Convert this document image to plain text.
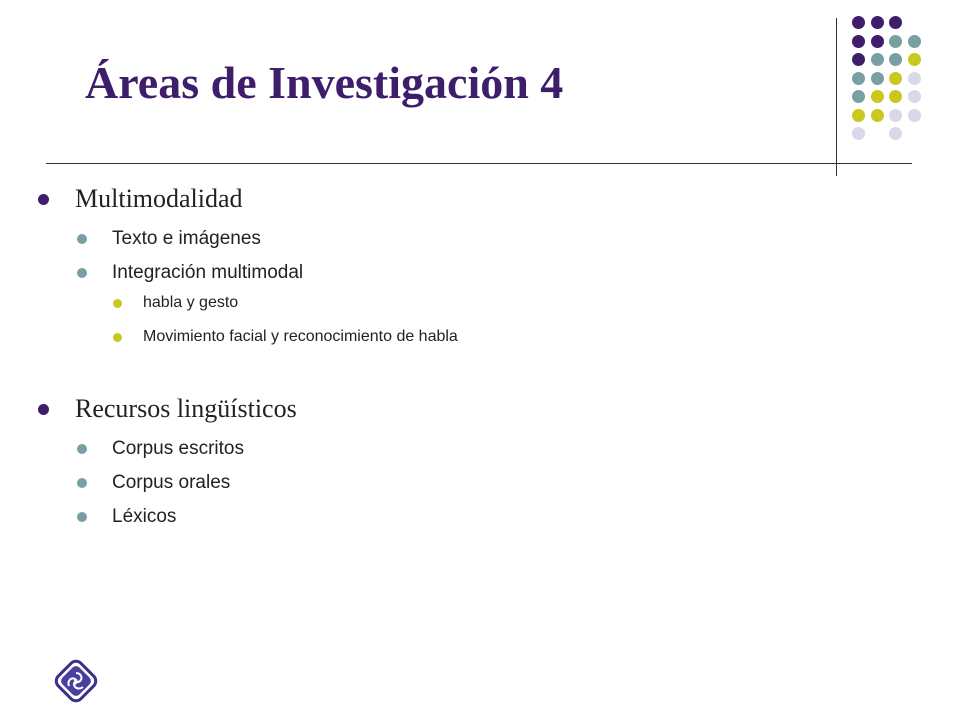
Áreas de Investigación 4
Multimodalidad
Texto e imágenes
Integración multimodal
habla y gesto
Movimiento facial y reconocimiento de habla
Recursos lingüísticos
Corpus escritos
Corpus orales
Léxicos
